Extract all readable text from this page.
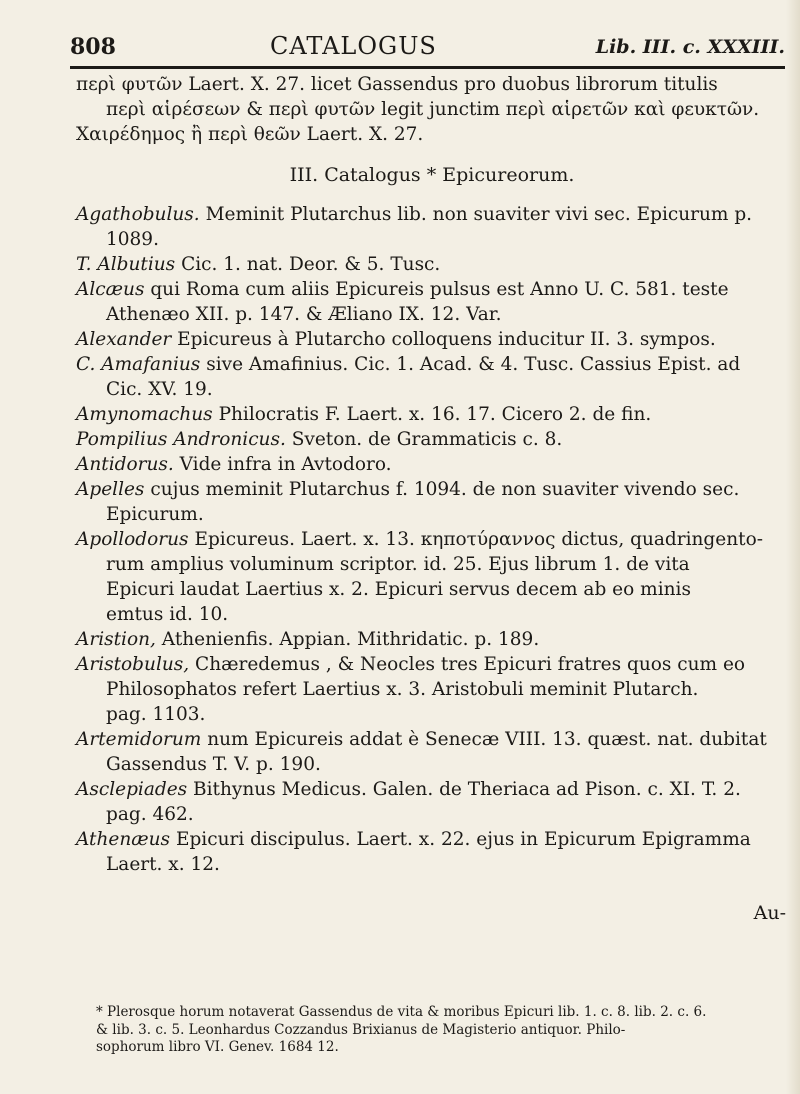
808	CATALOGUS	Lib. III. c. XXXIII.

περὶ φυτῶν Laert. X. 27. licet Gassendus pro duobus librorum titulis

περὶ αἱρέσεων & περὶ φυτῶν legit junctim περὶ αἱρετῶν καὶ φευκτῶν.

Χαιρέδημος ἢ περὶ θεῶν Laert. X. 27.

III. Catalogus * Epicureorum.

Agathobulus. Meminit Plutarchus lib. non suaviter vivi sec. Epicurum p.

1089.

T. Albutius Cic. 1. nat. Deor. & 5. Tusc.

Alcæus qui Roma cum aliis Epicureis pulsus est Anno U. C. 581. teste

Athenæo XII. p. 147. & Æliano IX. 12. Var.

Alexander Epicureus à Plutarcho colloquens inducitur II. 3. sympos.

C. Amafanius sive Amafinius. Cic. 1. Acad. & 4. Tusc. Cassius Epist. ad

Cic. XV. 19.

Amynomachus Philocratis F. Laert. x. 16. 17. Cicero 2. de fin.

Pompilius Andronicus. Sveton. de Grammaticis c. 8.

Antidorus. Vide infra in Avtodoro.

Apelles cujus meminit Plutarchus f. 1094. de non suaviter vivendo sec.

Epicurum.

Apollodorus Epicureus. Laert. x. 13. κηποτύραννος dictus, quadringento-

rum amplius voluminum scriptor. id. 25. Ejus librum 1. de vita

Epicuri laudat Laertius x. 2. Epicuri servus decem ab eo minis

emtus id. 10.

Aristion, Athenienfis. Appian. Mithridatic. p. 189.

Aristobulus, Chæredemus , & Neocles tres Epicuri fratres quos cum eo

Philosophatos refert Laertius x. 3. Aristobuli meminit Plutarch.

pag. 1103.

Artemidorum num Epicureis addat è Senecæ VIII. 13. quæst. nat. dubitat

Gassendus T. V. p. 190.

Asclepiades Bithynus Medicus. Galen. de Theriaca ad Pison. c. XI. T. 2.

pag. 462.

Athenæus Epicuri discipulus. Laert. x. 22. ejus in Epicurum Epigramma

Laert. x. 12.

Au-

* Plerosque horum notaverat Gassendus de vita & moribus Epicuri lib. 1. c. 8. lib. 2. c. 6.
& lib. 3. c. 5. Leonhardus Cozzandus Brixianus de Magisterio antiquor. Philo-
sophorum libro VI. Genev. 1684 12.
